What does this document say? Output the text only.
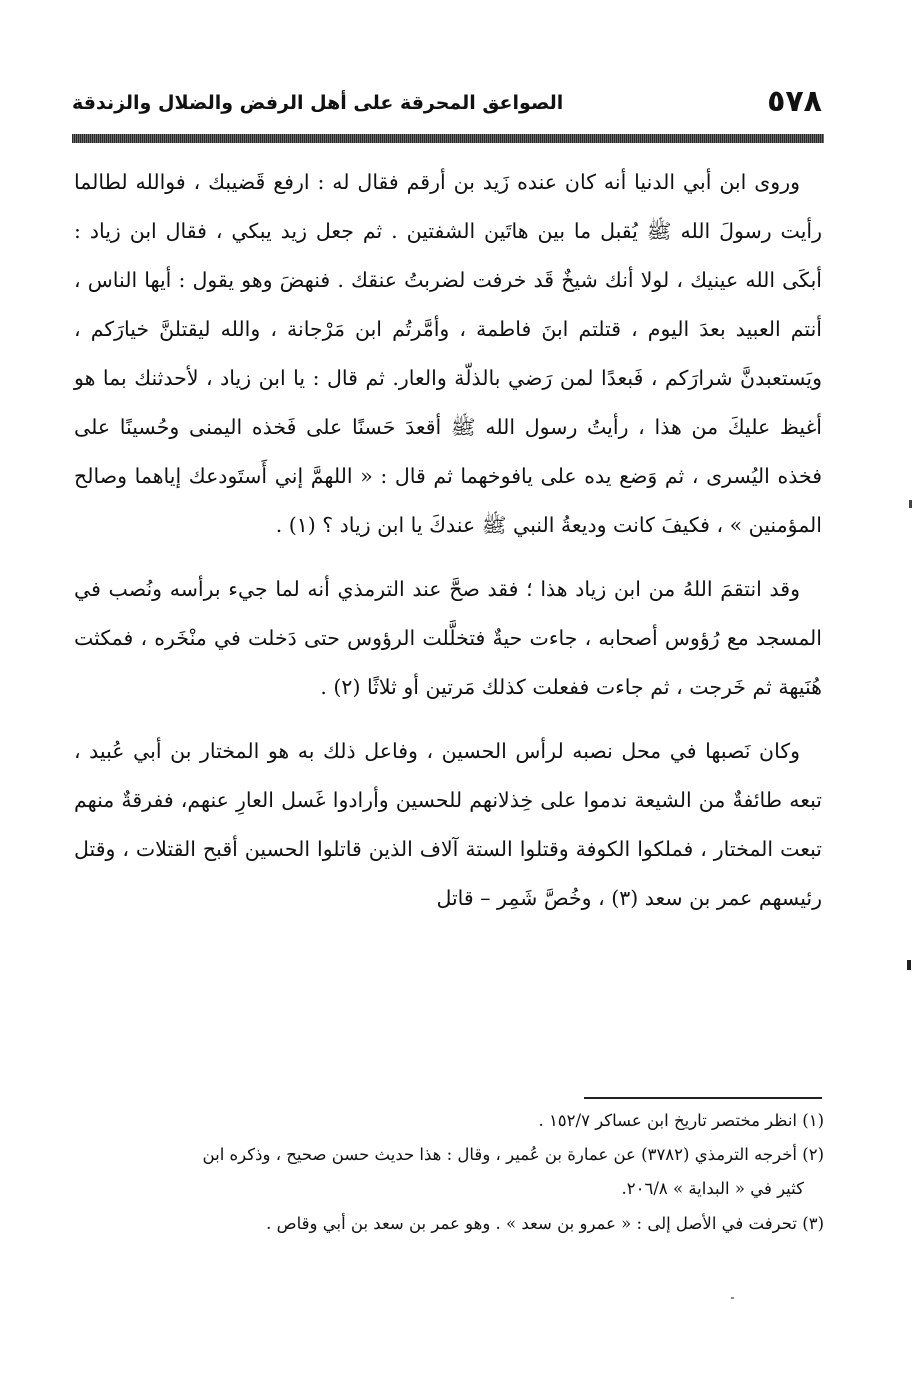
٥٧٨
الصواعق المحرقة على أهل الرفض والضلال والزندقة

وروى ابن أبي الدنيا أنه كان عنده زَيد بن أرقم فقال له : ارفع قَضيبك ، فوالله لطالما رأيت رسولَ الله ﷺ يُقبل ما بين هاتَين الشفتين . ثم جعل زيد يبكي ، فقال ابن زياد : أبكَى الله عينيك ، لولا أنك شيخٌ قَد خرفت لضربتُ عنقك . فنهضَ وهو يقول : أيها الناس ، أنتم العبيد بعدَ اليوم ، قتلتم ابنَ فاطمة ، وأمَّرتُم ابن مَرْجانة ، والله ليقتلنَّ خيارَكم ، ويَستعبدنَّ شرارَكم ، فَبعدًا لمن رَضي بالذلّة والعار. ثم قال : يا ابن زياد ، لأحدثنك بما هو أغيظ عليكَ من هذا ، رأيتُ رسول الله ﷺ أقعدَ حَسنًا على فَخذه اليمنى وحُسينًا على فخذه اليُسرى ، ثم وَضع يده على يافوخهما ثم قال : « اللهمَّ إني أَستَودعك إياهما وصالح المؤمنين » ، فكيفَ كانت وديعةُ النبي ﷺ عندكَ يا ابن زياد ؟ (١) .

وقد انتقمَ اللهُ من ابن زياد هذا ؛ فقد صحَّ عند الترمذي أنه لما جيء برأسه ونُصب في المسجد مع رُؤوس أصحابه ، جاءت حيةٌ فتخلَّلت الرؤوس حتى دَخلت في منْخَره ، فمكثت هُنَيهة ثم خَرجت ، ثم جاءت ففعلت كذلك مَرتين أو ثلاثًا (٢) .

وكان نَصبها في محل نصبه لرأس الحسين ، وفاعل ذلك به هو المختار بن أبي عُبيد ، تبعه طائفةٌ من الشيعة ندموا على خِذلانهم للحسين وأرادوا غَسل العارِ عنهم، ففرقةٌ منهم تبعت المختار ، فملكوا الكوفة وقتلوا الستة آلاف الذين قاتلوا الحسين أقبح القتلات ، وقتل رئيسهم عمر بن سعد (٣) ، وخُصَّ شَمِر – قاتل

(١) انظر مختصر تاريخ ابن عساكر ١٥٢/٧ .

(٢) أخرجه الترمذي (٣٧٨٢) عن عمارة بن عُمير ، وقال : هذا حديث حسن صحيح ، وذكره ابن

كثير في « البداية » ٢٠٦/٨.

(٣) تحرفت في الأصل إلى : « عمرو بن سعد » . وهو عمر بن سعد بن أبي وقاص .
